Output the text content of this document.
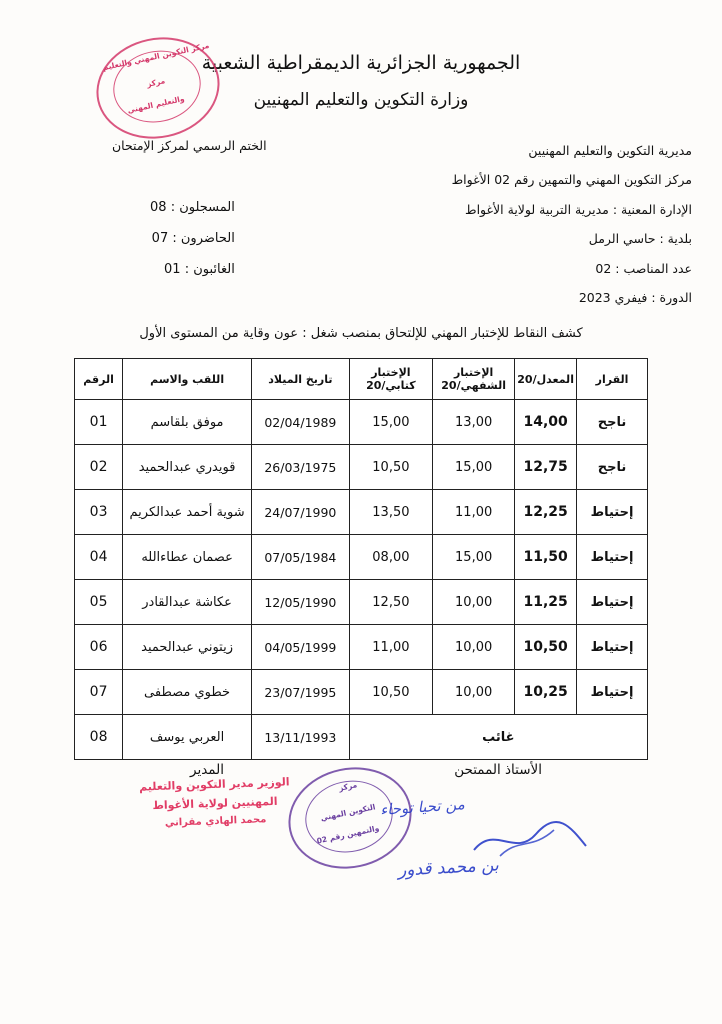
الجمهورية الجزائرية الديمقراطية الشعبية
وزارة التكوين والتعليم المهنيين
مركز التكوين المهني والتعليم
مركز
والتعليم المهني
الختم الرسمي لمركز الإمتحان	مديرية التكوين والتعليم المهنيين
مركز التكوين المهني والتمهين رقم 02 الأغواط
الإدارة المعنية : مديرية التربية لولاية الأغواط
بلدية : حاسي الرمل
عدد المناصب : 02
الدورة : فيفري 2023
المسجلون : 08
الحاضرون : 07
الغائبون : 01
كشف النقاط للإختبار المهني للإلتحاق بمنصب شغل : عون وقاية من المستوى الأول
القرار	المعدل/20	الإختبار الشفهي/20	الإختبار كتابي/20	تاريخ الميلاد	اللقب والاسم	الرقم
ناجح	14,00	13,00	15,00	02/04/1989	موفق بلقاسم	01
ناجح	12,75	15,00	10,50	26/03/1975	قويدري عبدالحميد	02
إحتياط	12,25	11,00	13,50	24/07/1990	شوية أحمد عبدالكريم	03
إحتياط	11,50	15,00	08,00	07/05/1984	عصمان عطاءالله	04
إحتياط	11,25	10,00	12,50	12/05/1990	عكاشة عبدالقادر	05
إحتياط	10,50	10,00	11,00	04/05/1999	زيتوني عبدالحميد	06
إحتياط	10,25	10,00	10,50	23/07/1995	خطوي مصطفى	07
غائب				13/11/1993	العربي يوسف	08
الأستاذ الممتحن
المدير
مركز
التكوين المهني
والتمهين رقم 02
الوزير مدير التكوين والتعليم
المهنيين لولاية الأغواط
محمد الهادي مقراني
من تحيا توحاء
بن محمد قدور
